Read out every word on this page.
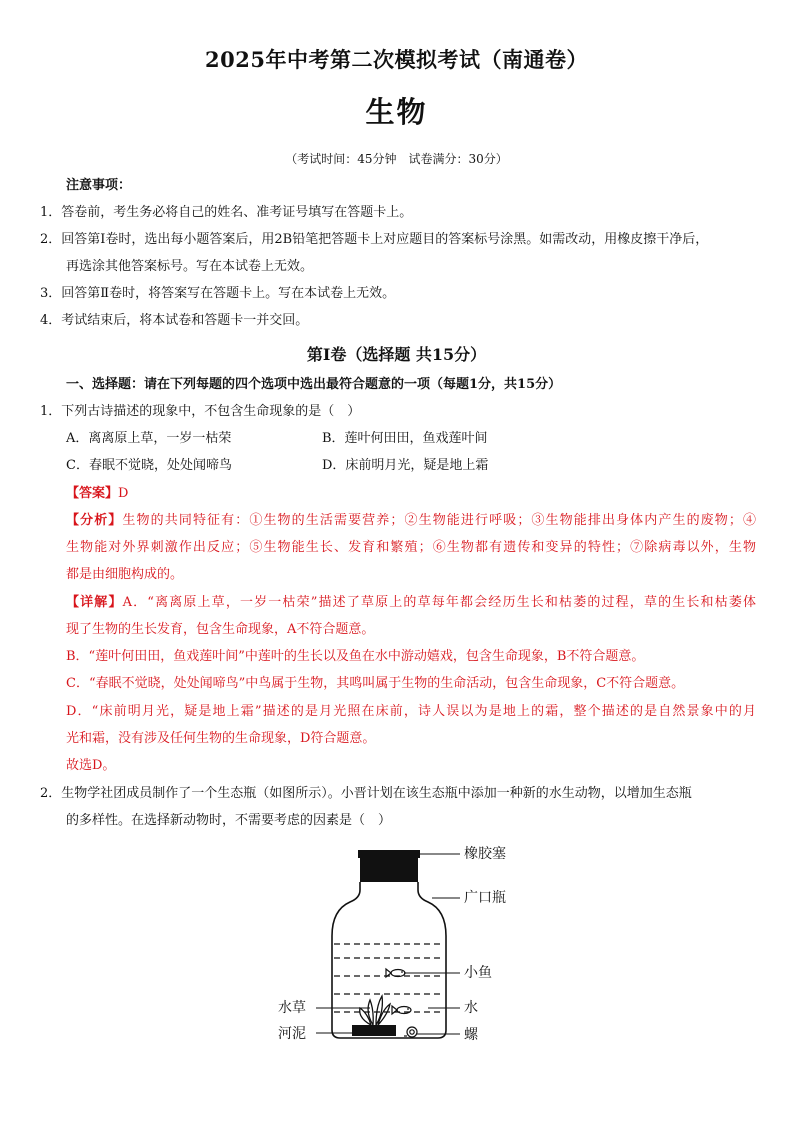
2025年中考第二次模拟考试（南通卷）
生物
（考试时间：45分钟　试卷满分：30分）
注意事项：
1．答卷前，考生务必将自己的姓名、准考证号填写在答题卡上。
2．回答第Ⅰ卷时，选出每小题答案后，用2B铅笔把答题卡上对应题目的答案标号涂黑。如需改动，用橡皮擦干净后，
再选涂其他答案标号。写在本试卷上无效。
3．回答第Ⅱ卷时，将答案写在答题卡上。写在本试卷上无效。
4．考试结束后，将本试卷和答题卡一并交回。
第Ⅰ卷（选择题 共15分）
一、选择题：请在下列每题的四个选项中选出最符合题意的一项（每题1分，共15分）
1．下列古诗描述的现象中，不包含生命现象的是（　）
A．离离原上草，一岁一枯荣	B．莲叶何田田，鱼戏莲叶间
C．春眠不觉晓，处处闻啼鸟	D．床前明月光，疑是地上霜
【答案】D
【分析】生物的共同特征有：①生物的生活需要营养；②生物能进行呼吸；③生物能排出身体内产生的废物；④
生物能对外界刺激作出反应；⑤生物能生长、发育和繁殖；⑥生物都有遗传和变异的特性；⑦除病毒以外，生物
都是由细胞构成的。
【详解】A．“离离原上草，一岁一枯荣”描述了草原上的草每年都会经历生长和枯萎的过程，草的生长和枯萎体
现了生物的生长发育，包含生命现象，A不符合题意。
B．“莲叶何田田，鱼戏莲叶间”中莲叶的生长以及鱼在水中游动嬉戏，包含生命现象，B不符合题意。
C．“春眠不觉晓，处处闻啼鸟”中鸟属于生物，其鸣叫属于生物的生命活动，包含生命现象，C不符合题意。
D．“床前明月光，疑是地上霜”描述的是月光照在床前，诗人误以为是地上的霜，整个描述的是自然景象中的月
光和霜，没有涉及任何生物的生命现象，D符合题意。
故选D。
2．生物学社团成员制作了一个生态瓶（如图所示）。小晋计划在该生态瓶中添加一种新的水生动物，以增加生态瓶
的多样性。在选择新动物时，不需要考虑的因素是（　）
橡胶塞
广口瓶
小鱼
水草	水
河泥	螺
